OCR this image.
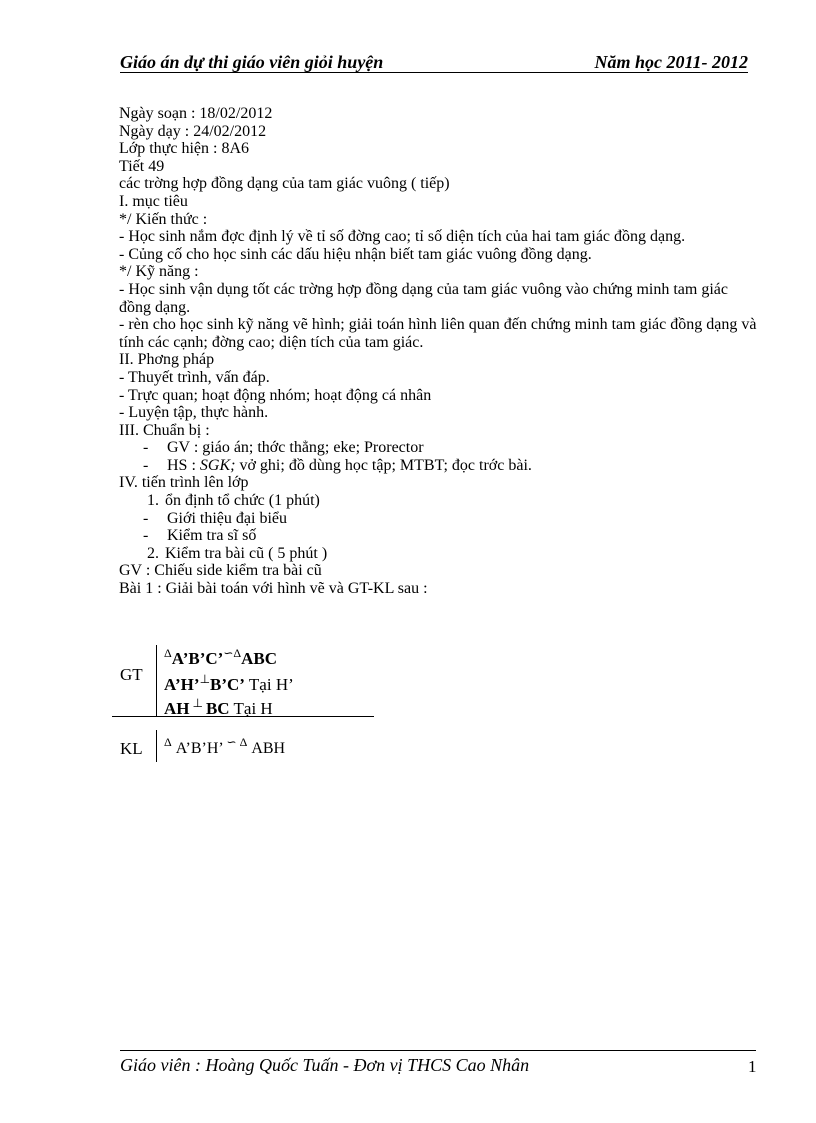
Giáo án dự thi giáo viên giỏi huyện	Năm học 2011- 2012
Ngày soạn : 18/02/2012
Ngày dạy : 24/02/2012
Lớp thực hiện : 8A6
Tiết 49
các trờng hợp đồng dạng của tam giác vuông ( tiếp)
I. mục tiêu
*/ Kiến thức :
- Học sinh nắm đợc định lý về tỉ số đờng cao; tỉ số diện tích của hai tam giác đồng dạng.
- Củng cố cho học sinh các dấu hiệu nhận biết tam giác vuông đồng dạng.
*/ Kỹ năng :
- Học sinh vận dụng tốt các trờng hợp đồng dạng của tam giác vuông vào chứng minh tam giác đồng dạng.
- rèn cho học sinh kỹ năng vẽ hình; giải toán hình liên quan đến chứng minh tam giác đồng dạng và tính các cạnh; đờng cao; diện tích của tam giác.
II. Phơng pháp
- Thuyết trình, vấn đáp.
- Trực quan; hoạt động nhóm; hoạt động cá nhân
- Luyện tập, thực hành.
III. Chuẩn bị :
- GV : giáo án; thớc thẳng; eke; Prorector
- HS : SGK; vở ghi; đồ dùng học tập; MTBT; đọc trớc bài.
IV. tiến trình lên lớp
1. ổn định tổ chức (1 phút)
- Giới thiệu đại biểu
- Kiểm tra sĩ số
2. Kiểm tra bài cũ ( 5 phút )
GV : Chiếu side kiểm tra bài cũ
Bài 1 : Giải bài toán với hình vẽ và GT-KL sau :
GT
KL
$^\Delta$A’B’C’$^{∽\Delta}$ABC
A’H’⊥B’C’ Tại H’
AH ⊥ BC Tại H
$^\Delta$ A’B’H’ ∽ $^\Delta$ ABH
Giáo viên : Hoàng Quốc Tuấn - Đơn vị THCS Cao Nhân	1
